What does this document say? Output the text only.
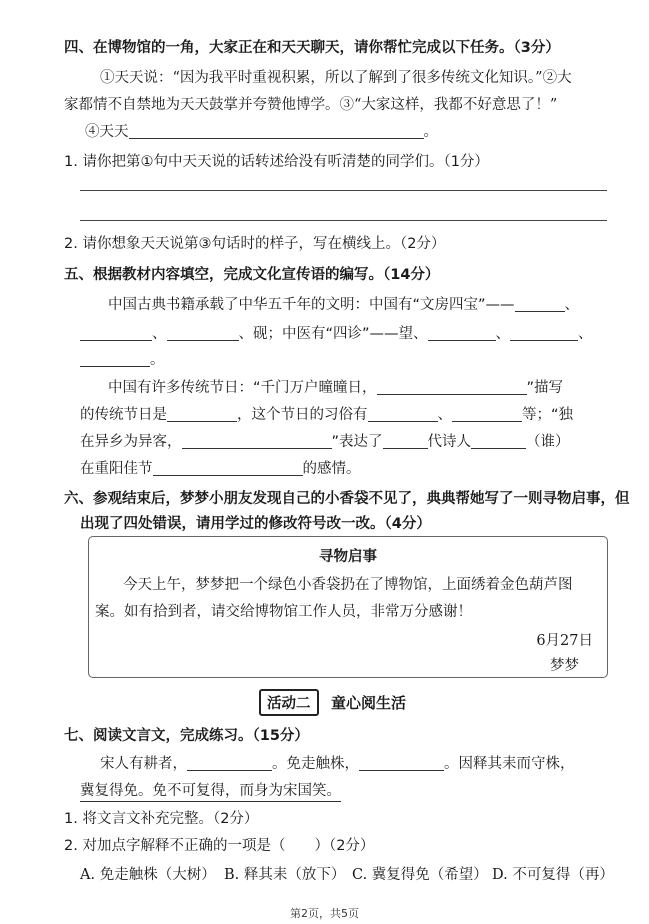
四、在博物馆的一角，大家正在和天天聊天，请你帮忙完成以下任务。（3分）
①天天说：“因为我平时重视积累，所以了解到了很多传统文化知识。”②大
家都情不自禁地为天天鼓掌并夸赞他博学。③“大家这样，我都不好意思了！”
④天天	。
1. 请你把第①句中天天说的话转述给没有听清楚的同学们。（1分）
2. 请你想象天天说第③句话时的样子，写在横线上。（2分）
五、根据教材内容填空，完成文化宣传语的编写。（14分）
中国古典书籍承载了中华五千年的文明：中国有“文房四宝”——	、
、	、砚；中医有“四诊”——望、	、	、
。
中国有许多传统节日：“千门万户曈曈日，	”描写
的传统节日是	，这个节日的习俗有	、	等；“独
在异乡为异客，	”表达了	代诗人	（谁）
在重阳佳节	的感情。
六、参观结束后，梦梦小朋友发现自己的小香袋不见了，典典帮她写了一则寻物启事，但
出现了四处错误，请用学过的修改符号改一改。（4分）
寻物启事
今天上午，梦梦把一个绿色小香袋扔在了博物馆，上面绣着金色葫芦图
案。如有拾到者，请交给博物馆工作人员，非常万分感谢！
6月27日
梦梦
活动二	童心阅生活
七、阅读文言文，完成练习。（15分）
宋人有耕者，	。免走触株，	。因释其耒而守株，
冀复得免。免不可复得，而身为宋国笑。
1. 将文言文补充完整。（2分）
2. 对加点字解释不正确的一项是（　　）（2分）
A. 免走触株（大树） B. 释其耒（放下） C. 冀复得免（希望） D. 不可复得（再）
第2页，共5页
